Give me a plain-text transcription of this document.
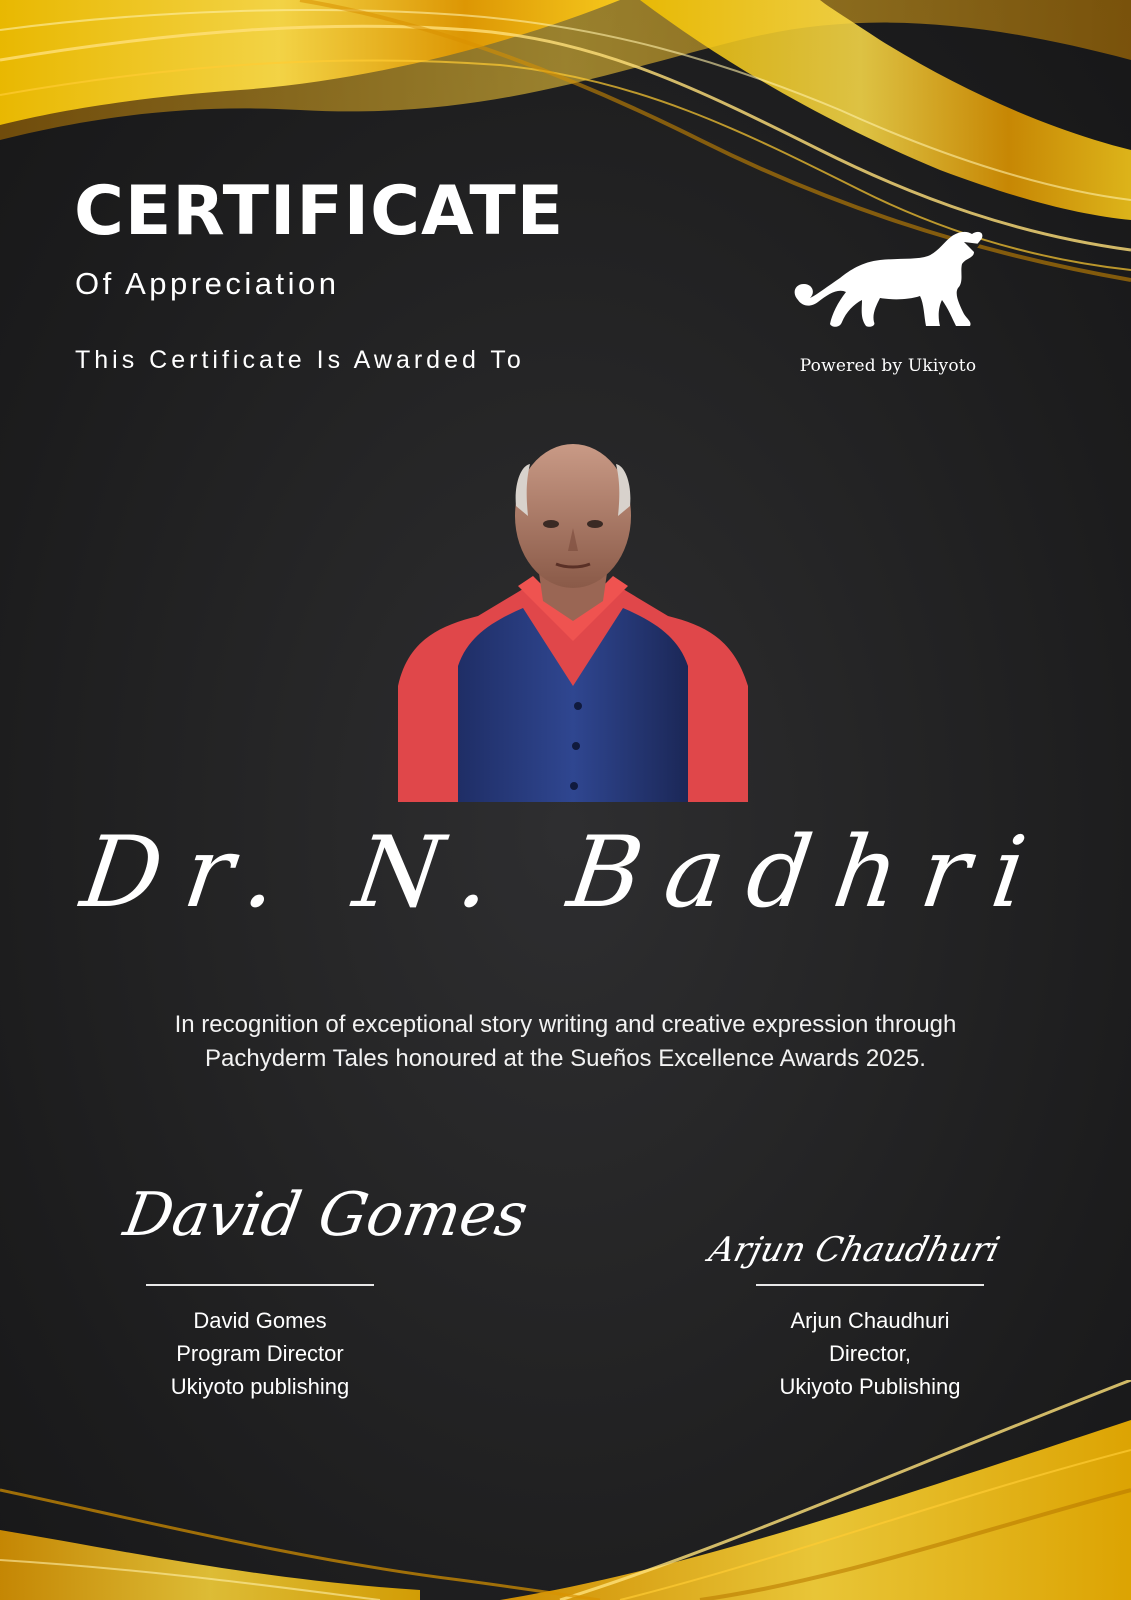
CERTIFICATE
Of Appreciation
This Certificate Is Awarded To	Powered by Ukiyoto
Dr. N. Badhri
In recognition of exceptional story writing and creative expression through
Pachyderm Tales honoured at the Sueños Excellence Awards 2025.
David Gomes
David Gomes
Program Director
Ukiyoto publishing
Arjun Chaudhuri
Arjun Chaudhuri
Director,
Ukiyoto Publishing
